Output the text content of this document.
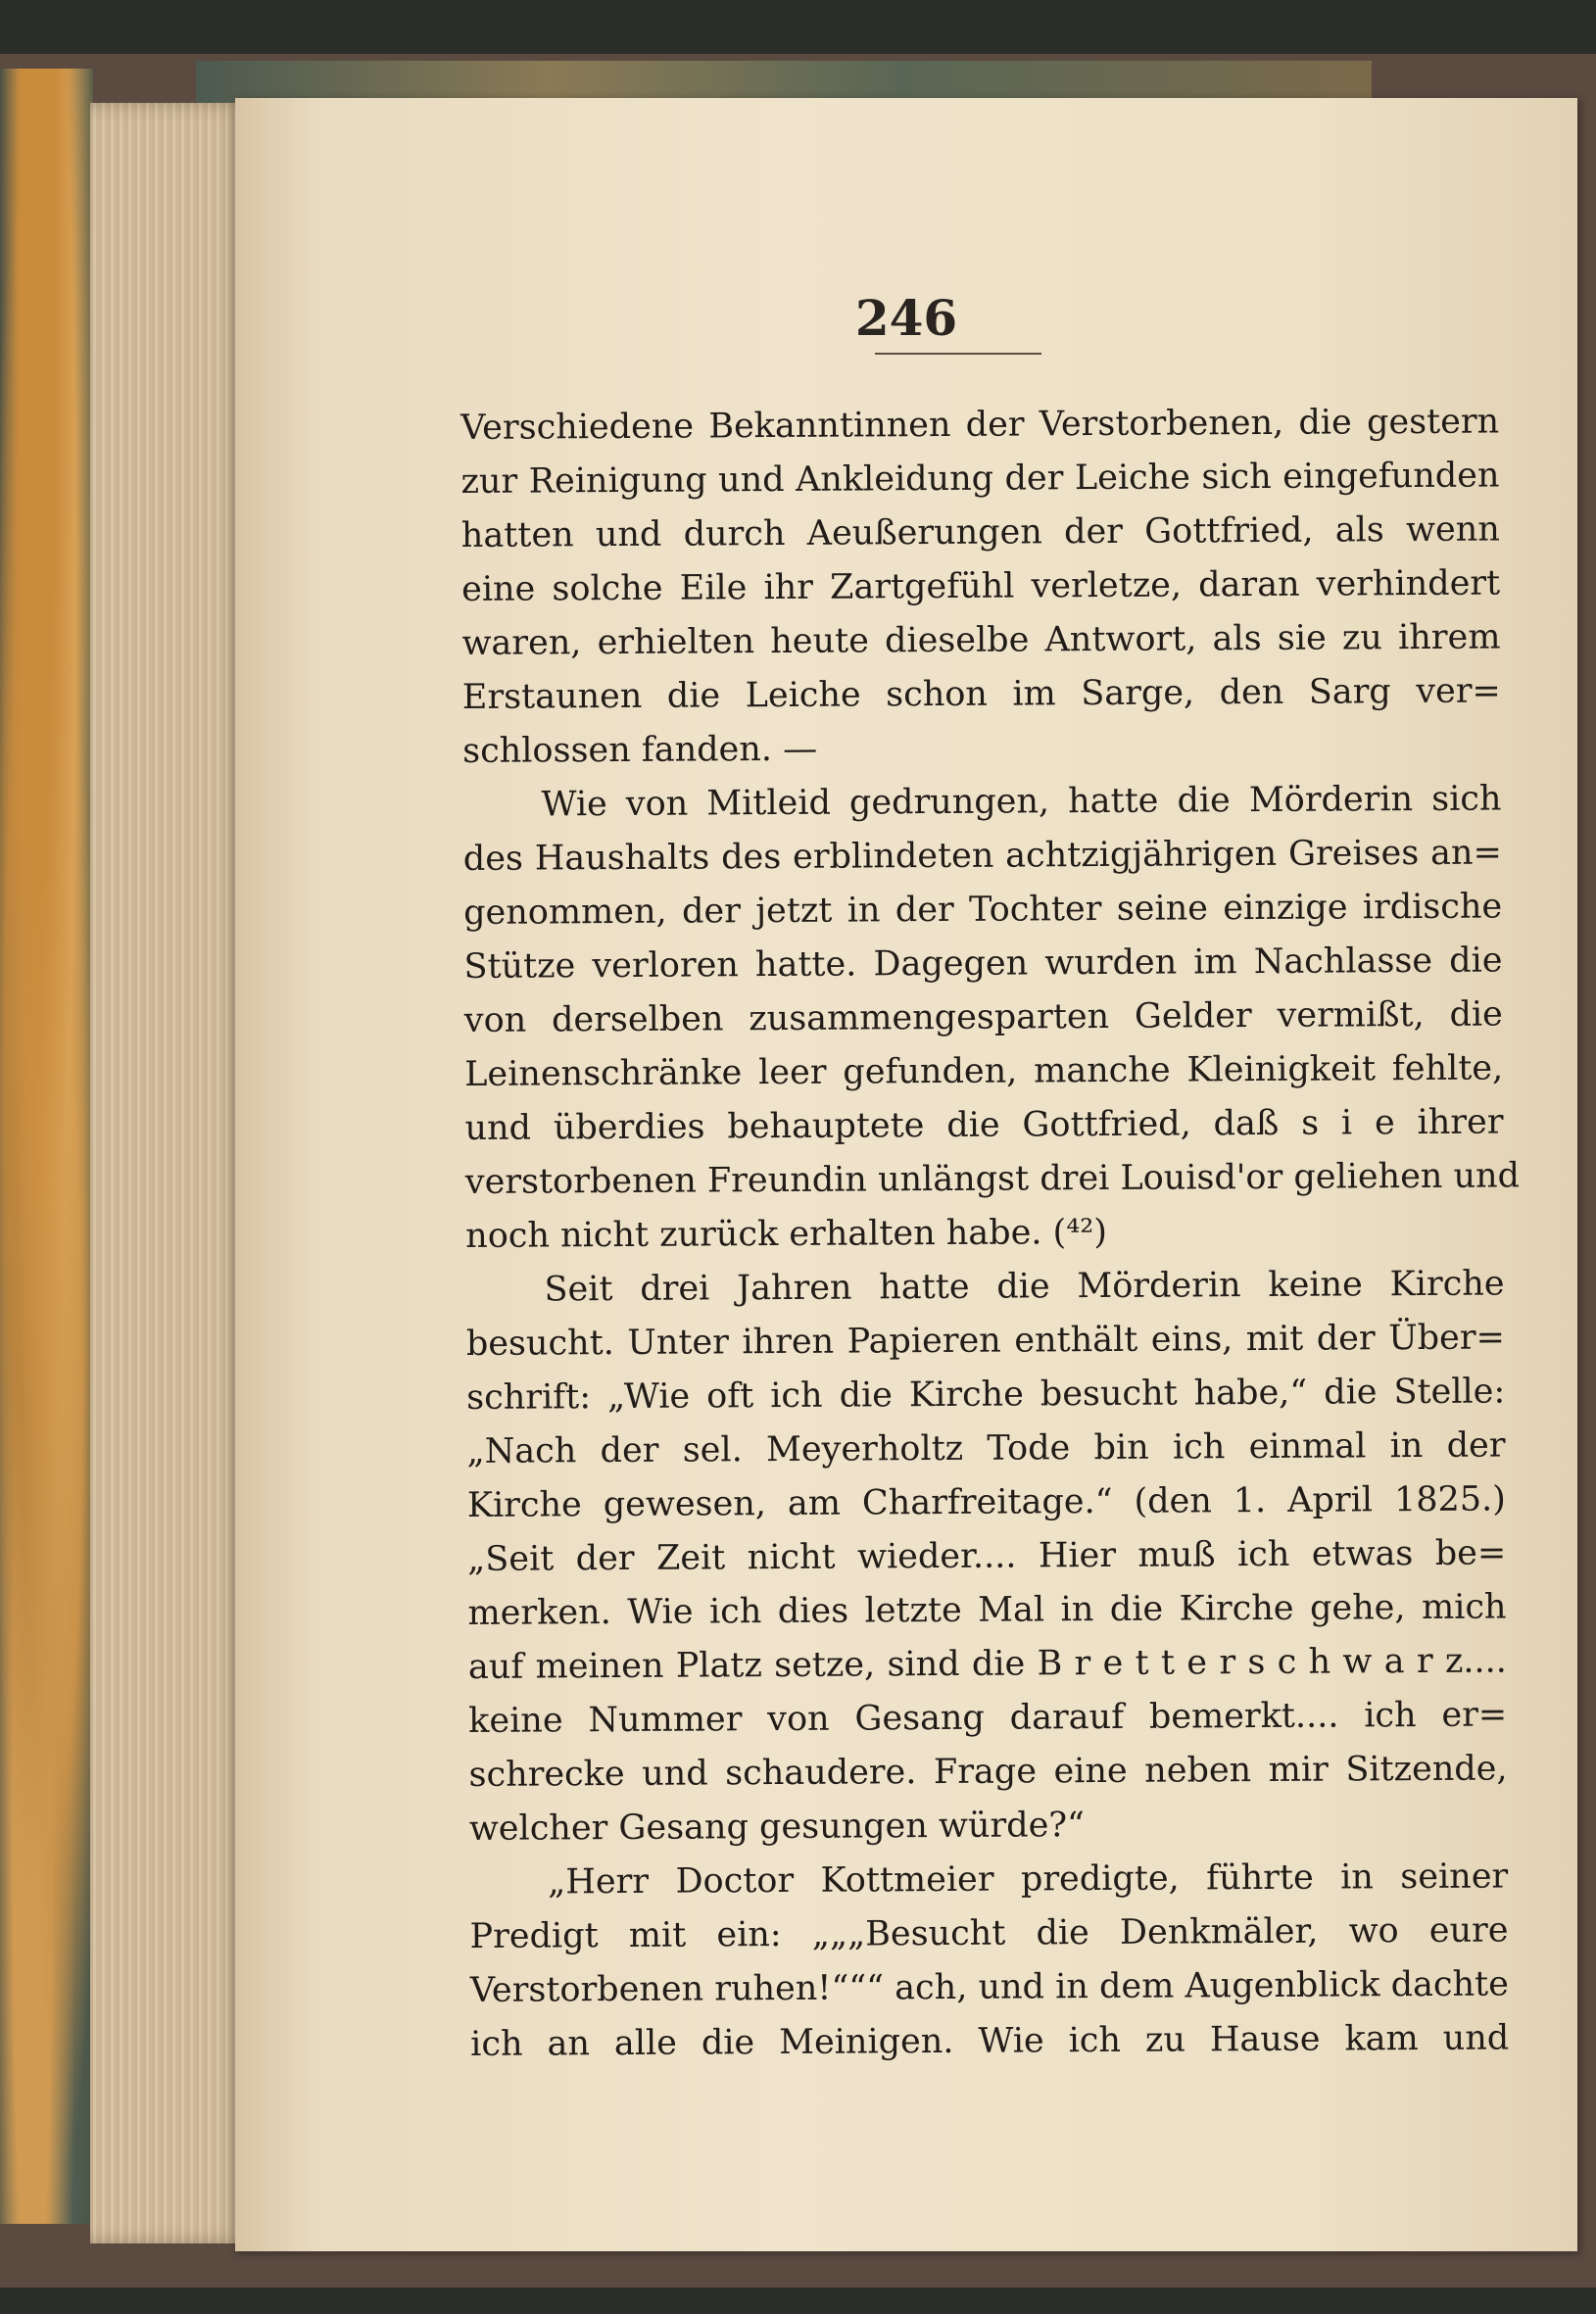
246
Verschiedene Bekanntinnen der Verstorbenen, die gestern
zur Reinigung und Ankleidung der Leiche sich eingefunden
hatten und durch Aeußerungen der Gottfried, als wenn
eine solche Eile ihr Zartgefühl verletze, daran verhindert
waren, erhielten heute dieselbe Antwort, als sie zu ihrem
Erstaunen die Leiche schon im Sarge, den Sarg ver=
schlossen fanden. —
Wie von Mitleid gedrungen, hatte die Mörderin sich
des Haushalts des erblindeten achtzigjährigen Greises an=
genommen, der jetzt in der Tochter seine einzige irdische
Stütze verloren hatte. Dagegen wurden im Nachlasse die
von derselben zusammengesparten Gelder vermißt, die
Leinenschränke leer gefunden, manche Kleinigkeit fehlte,
und überdies behauptete die Gottfried, daß s i e ihrer
verstorbenen Freundin unlängst drei Louisd'or geliehen und
noch nicht zurück erhalten habe. (⁴²)
Seit drei Jahren hatte die Mörderin keine Kirche
besucht. Unter ihren Papieren enthält eins, mit der Über=
schrift: „Wie oft ich die Kirche besucht habe,“ die Stelle:
„Nach der sel. Meyerholtz Tode bin ich einmal in der
Kirche gewesen, am Charfreitage.“ (den 1. April 1825.)
„Seit der Zeit nicht wieder.... Hier muß ich etwas be=
merken. Wie ich dies letzte Mal in die Kirche gehe, mich
auf meinen Platz setze, sind die B r e t t e r s c h w a r z....
keine Nummer von Gesang darauf bemerkt.... ich er=
schrecke und schaudere. Frage eine neben mir Sitzende,
welcher Gesang gesungen würde?“
„Herr Doctor Kottmeier predigte, führte in seiner
Predigt mit ein: „„„Besucht die Denkmäler, wo eure
Verstorbenen ruhen!“““ ach, und in dem Augenblick dachte
ich an alle die Meinigen. Wie ich zu Hause kam und
